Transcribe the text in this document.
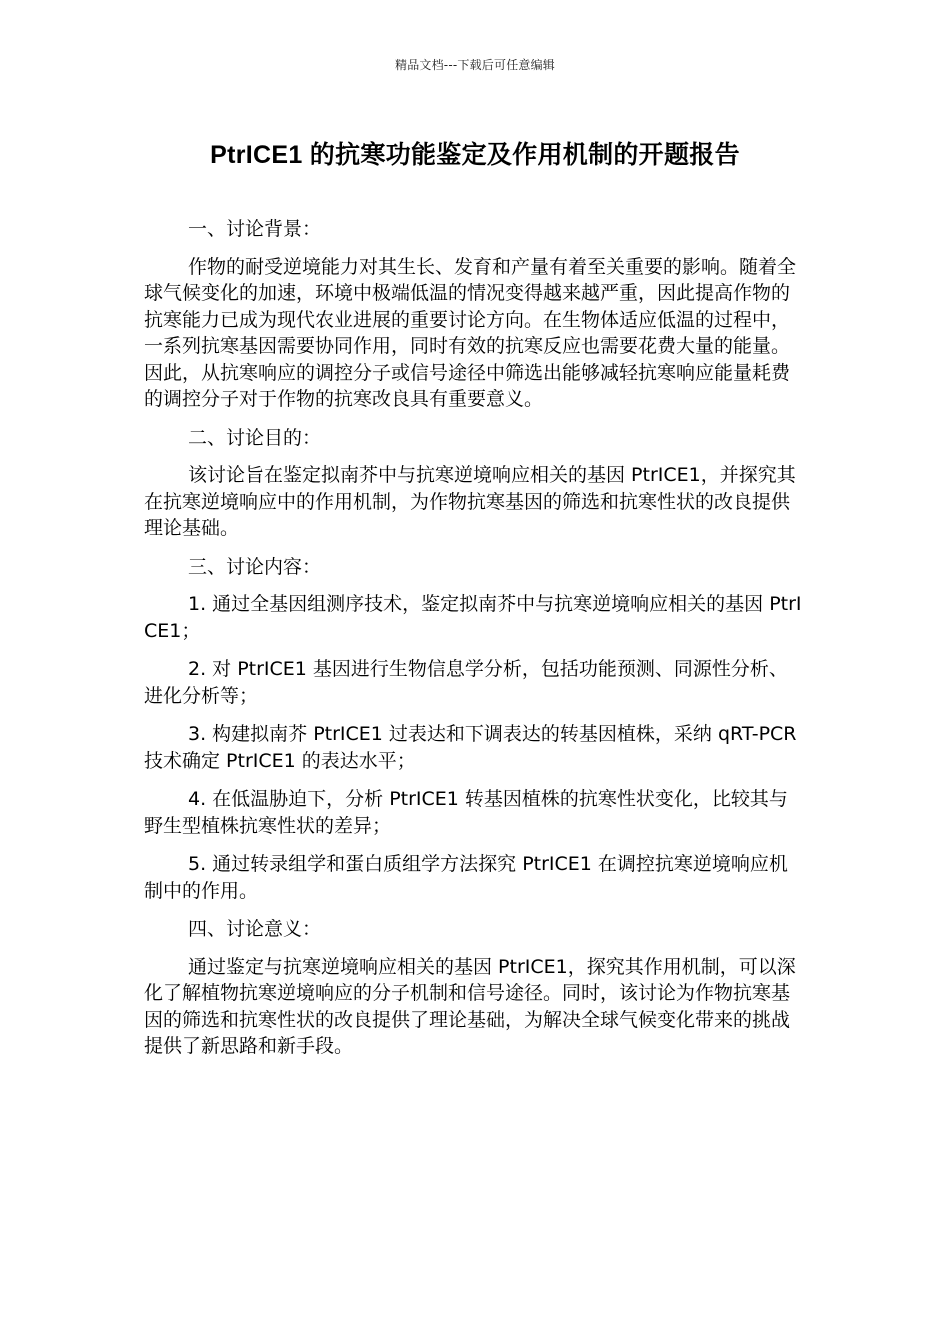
精品文档---下载后可任意编辑
PtrICE1 的抗寒功能鉴定及作用机制的开题报告

一、讨论背景：

作物的耐受逆境能力对其生长、发育和产量有着至关重要的影响。随着全球气候变化的加速，环境中极端低温的情况变得越来越严重，因此提高作物的抗寒能力已成为现代农业进展的重要讨论方向。在生物体适应低温的过程中，一系列抗寒基因需要协同作用，同时有效的抗寒反应也需要花费大量的能量。因此，从抗寒响应的调控分子或信号途径中筛选出能够减轻抗寒响应能量耗费的调控分子对于作物的抗寒改良具有重要意义。

二、讨论目的：

该讨论旨在鉴定拟南芥中与抗寒逆境响应相关的基因 PtrICE1，并探究其在抗寒逆境响应中的作用机制，为作物抗寒基因的筛选和抗寒性状的改良提供理论基础。

三、讨论内容：

1. 通过全基因组测序技术，鉴定拟南芥中与抗寒逆境响应相关的基因 PtrICE1；

2. 对 PtrICE1 基因进行生物信息学分析，包括功能预测、同源性分析、进化分析等；

3. 构建拟南芥 PtrICE1 过表达和下调表达的转基因植株，采纳 qRT-PCR 技术确定 PtrICE1 的表达水平；

4. 在低温胁迫下，分析 PtrICE1 转基因植株的抗寒性状变化，比较其与野生型植株抗寒性状的差异；

5. 通过转录组学和蛋白质组学方法探究 PtrICE1 在调控抗寒逆境响应机制中的作用。

四、讨论意义：

通过鉴定与抗寒逆境响应相关的基因 PtrICE1，探究其作用机制，可以深化了解植物抗寒逆境响应的分子机制和信号途径。同时，该讨论为作物抗寒基因的筛选和抗寒性状的改良提供了理论基础，为解决全球气候变化带来的挑战提供了新思路和新手段。
